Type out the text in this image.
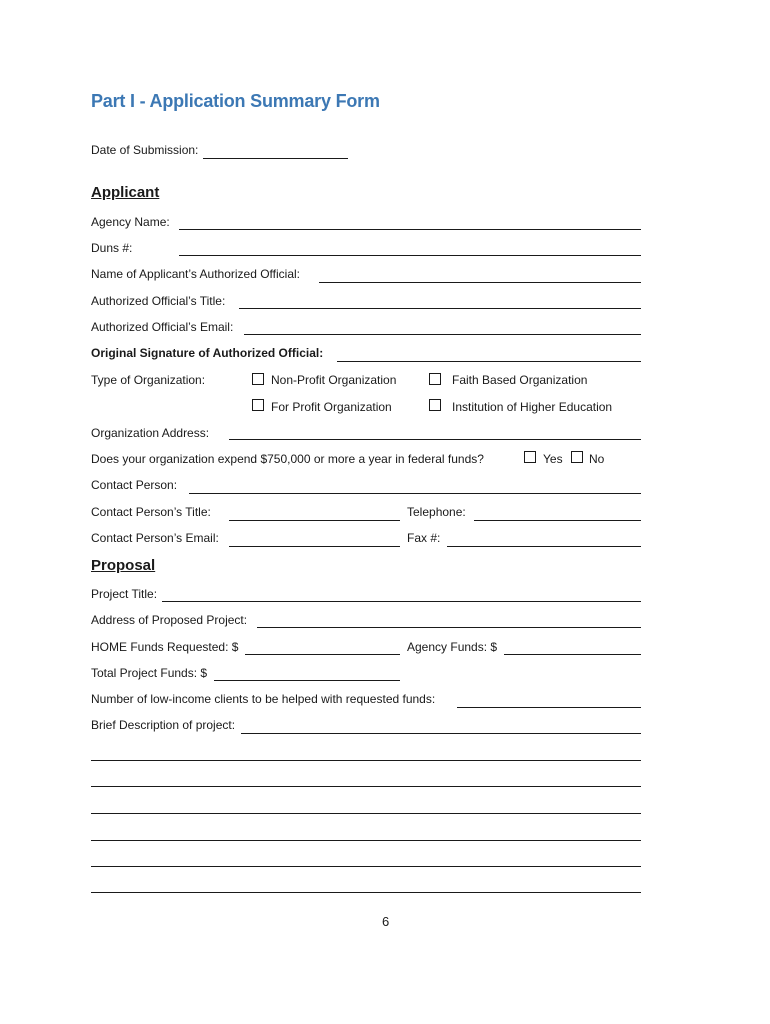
Part I - Application Summary Form
Date of Submission:
Applicant
Agency Name:
Duns #:
Name of Applicant’s Authorized Official:
Authorized Official’s Title:
Authorized Official’s Email:
Original Signature of Authorized Official:
Type of Organization:	Non-Profit Organization	Faith Based Organization
For Profit Organization	Institution of Higher Education
Organization Address:
Does your organization expend $750,000 or more a year in federal funds?	Yes No
Contact Person:
Contact Person’s Title:	Telephone:
Contact Person’s Email:	Fax #:
Proposal
Project Title:
Address of Proposed Project:
HOME Funds Requested: $	Agency Funds: $
Total Project Funds: $
Number of low-income clients to be helped with requested funds:
Brief Description of project:
6
